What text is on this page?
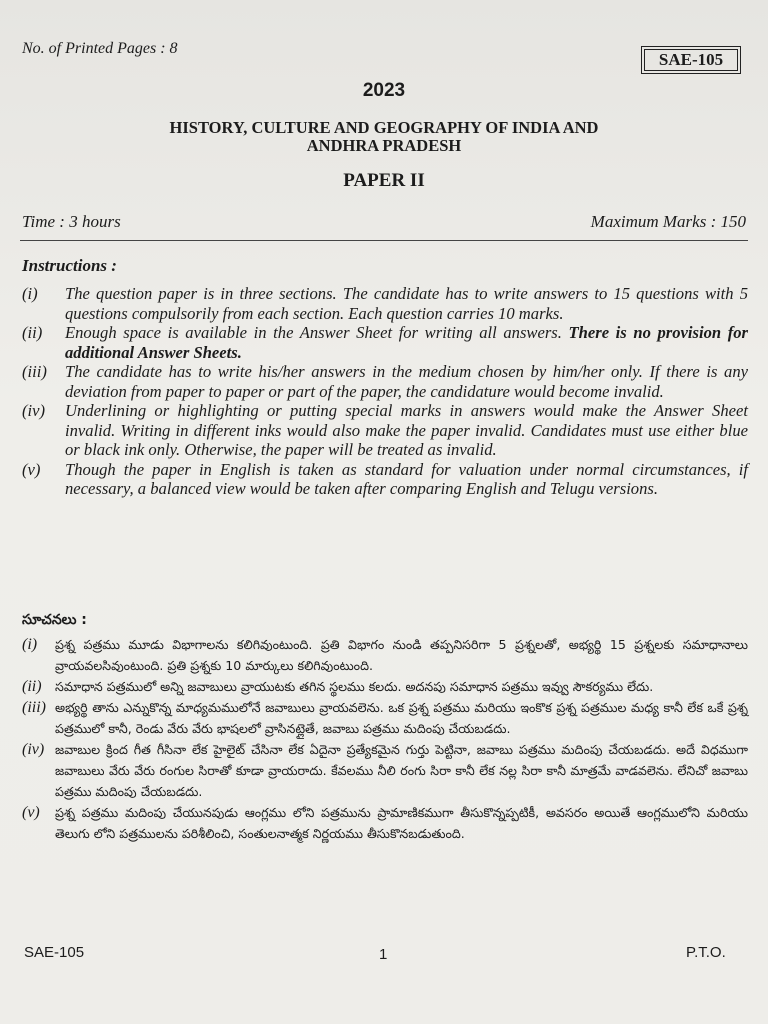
No. of Printed Pages : 8
SAE-105
2023
HISTORY, CULTURE AND GEOGRAPHY OF INDIA AND
ANDHRA PRADESH
PAPER II
Time : 3 hours	Maximum Marks : 150
Instructions :
(i)	The question paper is in three sections. The candidate has to write answers to 15 questions with 5 questions compulsorily from each section. Each question carries 10 marks.
(ii)	Enough space is available in the Answer Sheet for writing all answers. There is no provision for additional Answer Sheets.
(iii)	The candidate has to write his/her answers in the medium chosen by him/her only. If there is any deviation from paper to paper or part of the paper, the candidature would become invalid.
(iv)	Underlining or highlighting or putting special marks in answers would make the Answer Sheet invalid. Writing in different inks would also make the paper invalid. Candidates must use either blue or black ink only. Otherwise, the paper will be treated as invalid.
(v)	Though the paper in English is taken as standard for valuation under normal circumstances, if necessary, a balanced view would be taken after comparing English and Telugu versions.
సూచనలు :
(i)	ప్రశ్న పత్రము మూడు విభాగాలను కలిగివుంటుంది. ప్రతి విభాగం నుండి తప్పనిసరిగా 5 ప్రశ్నలతో, అభ్యర్థి 15 ప్రశ్నలకు సమాధానాలు వ్రాయవలసివుంటుంది. ప్రతి ప్రశ్నకు 10 మార్కులు కలిగివుంటుంది.
(ii)	సమాధాన పత్రములో అన్ని జవాబులు వ్రాయుటకు తగిన స్థలము కలదు. అదనపు సమాధాన పత్రము ఇవ్వు సౌకర్యము లేదు.
(iii) అభ్యర్థి తాను ఎన్నుకొన్న మాధ్యమములోనే జవాబులు వ్రాయవలెను. ఒక ప్రశ్న పత్రము మరియు ఇంకొక ప్రశ్న పత్రముల మధ్య కానీ లేక ఒకే ప్రశ్న పత్రములో కానీ, రెండు వేరు వేరు భాషలలో వ్రాసినట్లైతే, జవాబు పత్రము మదింపు చేయబడదు.
(iv) జవాబుల క్రింద గీత గీసినా లేక హైలైట్ చేసినా లేక ఏదైనా ప్రత్యేకమైన గుర్తు పెట్టినా, జవాబు పత్రము మదింపు చేయబడదు. అదే విధముగా జవాబులు వేరు వేరు రంగుల సిరాతో కూడా వ్రాయరాదు. కేవలము నీలి రంగు సిరా కానీ లేక నల్ల సిరా కానీ మాత్రమే వాడవలెను. లేనిచో జవాబు పత్రము మదింపు చేయబడదు.
(v)	ప్రశ్న పత్రము మదింపు చేయునపుడు ఆంగ్లము లోని పత్రమును ప్రామాణికముగా తీసుకొన్నప్పటికీ, అవసరం అయితే ఆంగ్లములోని మరియు తెలుగు లోని పత్రములను పరిశీలించి, సంతులనాత్మక నిర్ణయము తీసుకొనబడుతుంది.
SAE-105	1	P.T.O.
